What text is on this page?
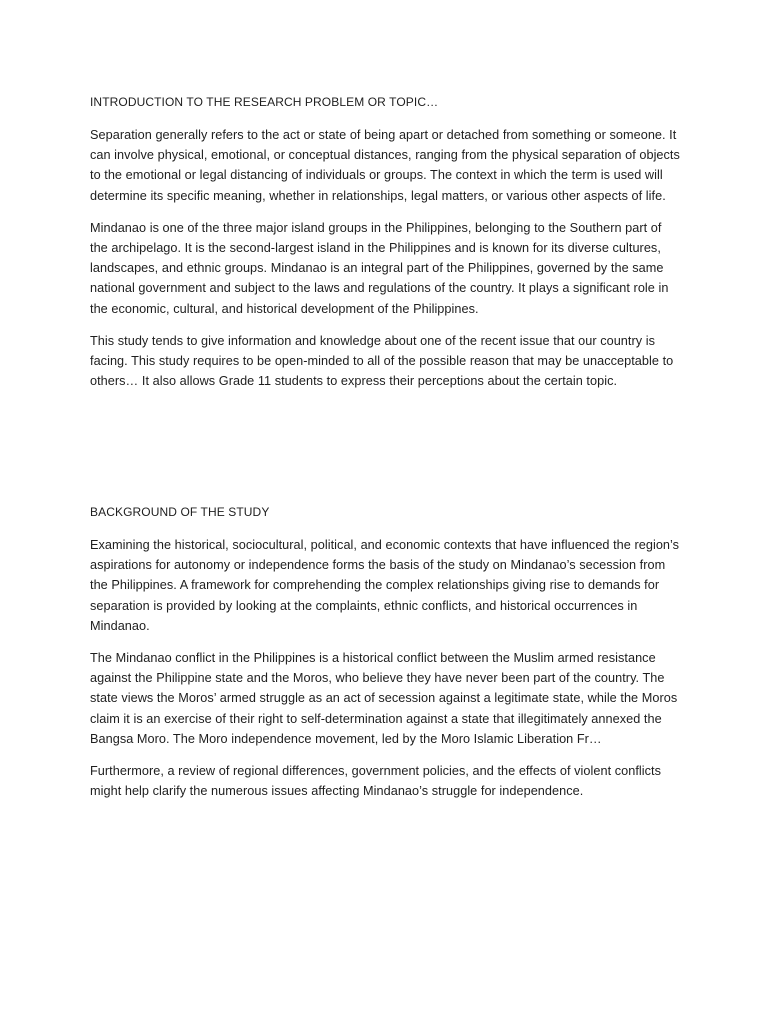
INTRODUCTION TO THE RESEARCH PROBLEM OR TOPIC…

Separation generally refers to the act or state of being apart or detached from something or someone. It can involve physical, emotional, or conceptual distances, ranging from the physical separation of objects to the emotional or legal distancing of individuals or groups. The context in which the term is used will determine its specific meaning, whether in relationships, legal matters, or various other aspects of life.

Mindanao is one of the three major island groups in the Philippines, belonging to the Southern part of the archipelago. It is the second-largest island in the Philippines and is known for its diverse cultures, landscapes, and ethnic groups. Mindanao is an integral part of the Philippines, governed by the same national government and subject to the laws and regulations of the country. It plays a significant role in the economic, cultural, and historical development of the Philippines.

This study tends to give information and knowledge about one of the recent issue that our country is facing. This study requires to be open-minded to all of the possible reason that may be unacceptable to others… It also allows Grade 11 students to express their perceptions about the certain topic.

BACKGROUND OF THE STUDY

Examining the historical, sociocultural, political, and economic contexts that have influenced the region’s aspirations for autonomy or independence forms the basis of the study on Mindanao’s secession from the Philippines. A framework for comprehending the complex relationships giving rise to demands for separation is provided by looking at the complaints, ethnic conflicts, and historical occurrences in Mindanao.

The Mindanao conflict in the Philippines is a historical conflict between the Muslim armed resistance against the Philippine state and the Moros, who believe they have never been part of the country. The state views the Moros’ armed struggle as an act of secession against a legitimate state, while the Moros claim it is an exercise of their right to self-determination against a state that illegitimately annexed the Bangsa Moro. The Moro independence movement, led by the Moro Islamic Liberation Fr…

Furthermore, a review of regional differences, government policies, and the effects of violent conflicts might help clarify the numerous issues affecting Mindanao’s struggle for independence.
